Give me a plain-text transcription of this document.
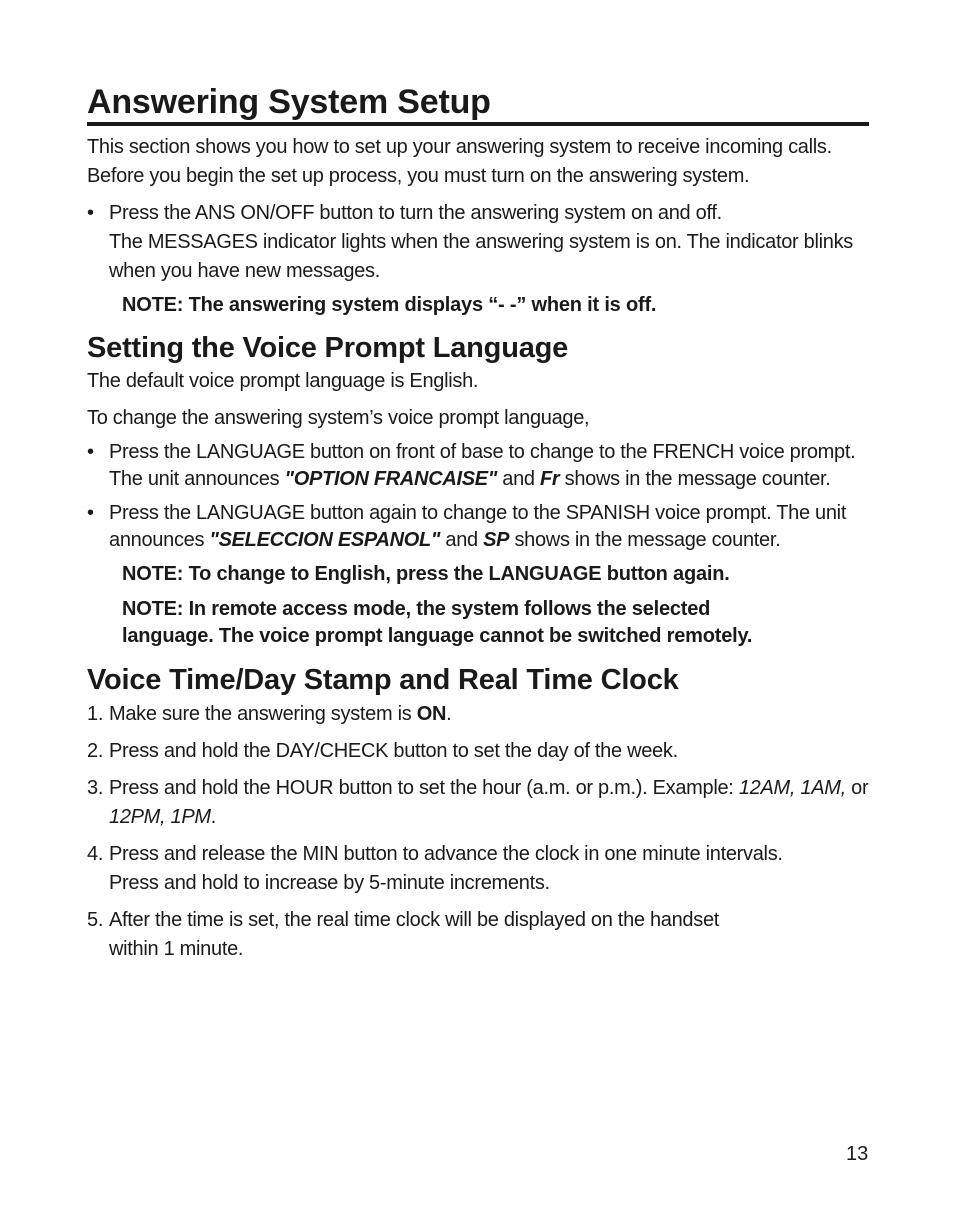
Answering System Setup

This section shows you how to set up your answering system to receive incoming calls. Before you begin the set up process, you must turn on the answering system.

• Press the ANS ON/OFF button to turn the answering system on and off.
The MESSAGES indicator lights when the answering system is on. The indicator blinks when you have new messages.
NOTE: The answering system displays “- -” when it is off.
Setting the Voice Prompt Language

The default voice prompt language is English.

To change the answering system’s voice prompt language,

• Press the LANGUAGE button on front of base to change to the FRENCH voice prompt. The unit announces "OPTION FRANCAISE" and Fr shows in the message counter.
• Press the LANGUAGE button again to change to the SPANISH voice prompt. The unit announces "SELECCION ESPANOL" and SP shows in the message counter.
NOTE: To change to English, press the LANGUAGE button again.
NOTE: In remote access mode, the system follows the selected language. The voice prompt language cannot be switched remotely.
Voice Time/Day Stamp and Real Time Clock
1. Make sure the answering system is ON.
2. Press and hold the DAY/CHECK button to set the day of the week.
3. Press and hold the HOUR button to set the hour (a.m. or p.m.). Example: 12AM, 1AM, or 12PM, 1PM.
4. Press and release the MIN button to advance the clock in one minute intervals.
Press and hold to increase by 5-minute increments.
5. After the time is set, the real time clock will be displayed on the handset
within 1 minute.
13
